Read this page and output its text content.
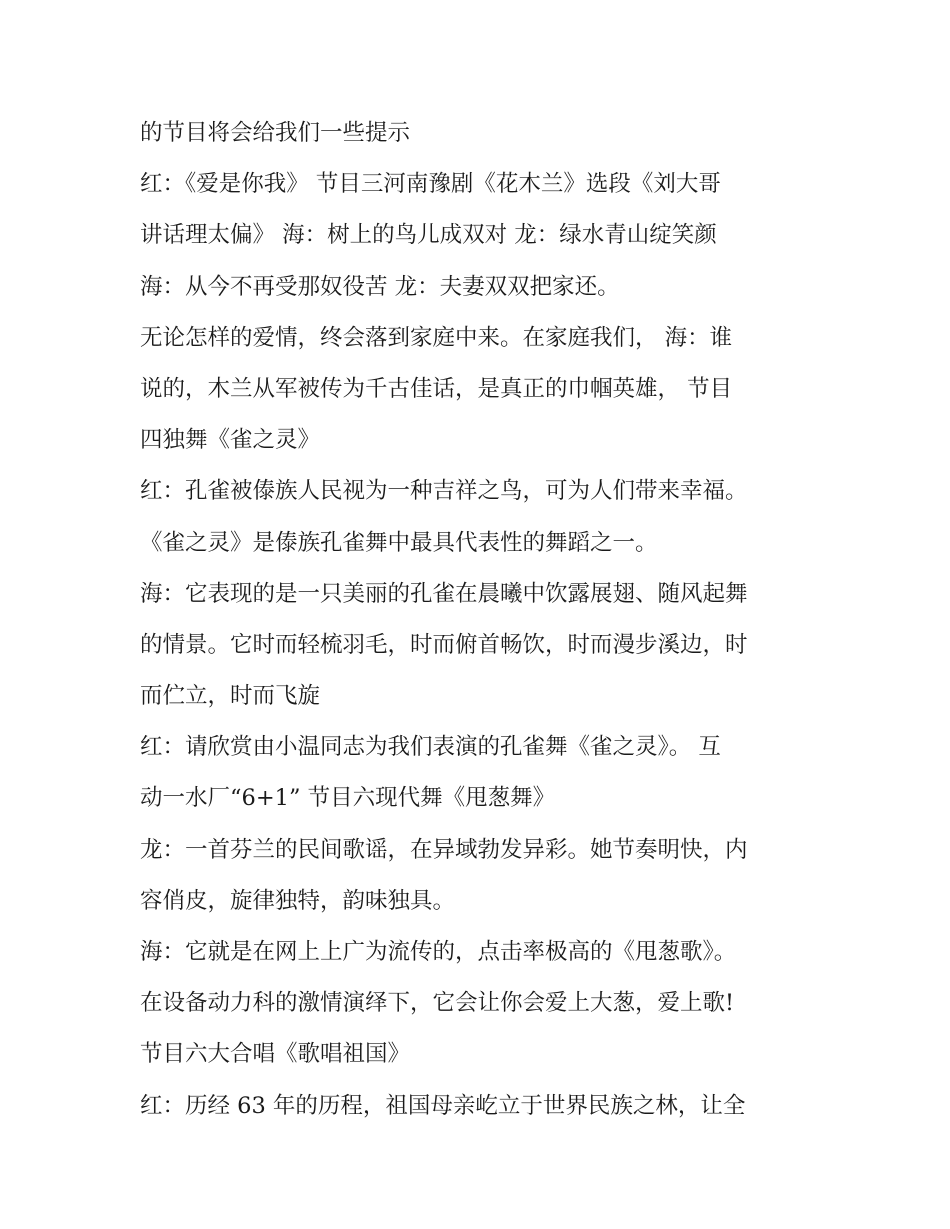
的节目将会给我们一些提示
红：《爱是你我》 节目三河南豫剧《花木兰》选段《刘大哥
讲话理太偏》 海：树上的鸟儿成双对 龙：绿水青山绽笑颜
海：从今不再受那奴役苦 龙：夫妻双双把家还。
无论怎样的爱情，终会落到家庭中来。在家庭我们， 海：谁
说的，木兰从军被传为千古佳话，是真正的巾帼英雄， 节目
四独舞《雀之灵》
红：孔雀被傣族人民视为一种吉祥之鸟，可为人们带来幸福。
《雀之灵》是傣族孔雀舞中最具代表性的舞蹈之一。
海：它表现的是一只美丽的孔雀在晨曦中饮露展翅、随风起舞
的情景。它时而轻梳羽毛，时而俯首畅饮，时而漫步溪边，时
而伫立，时而飞旋
红：请欣赏由小温同志为我们表演的孔雀舞《雀之灵》。 互
动一水厂“6+1” 节目六现代舞《甩葱舞》
龙：一首芬兰的民间歌谣，在异域勃发异彩。她节奏明快，内
容俏皮，旋律独特，韵味独具。
海：它就是在网上上广为流传的，点击率极高的《甩葱歌》。
在设备动力科的激情演绎下，它会让你会爱上大葱，爱上歌!
节目六大合唱《歌唱祖国》
红：历经 63 年的历程，祖国母亲屹立于世界民族之林，让全
